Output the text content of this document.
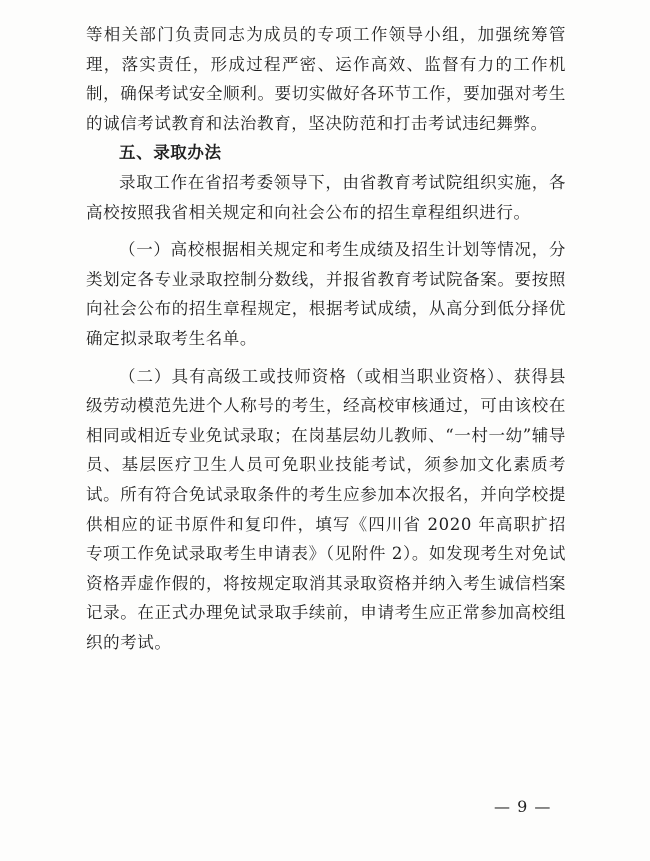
等相关部门负责同志为成员的专项工作领导小组，加强统筹管理，落实责任，形成过程严密、运作高效、监督有力的工作机制，确保考试安全顺利。要切实做好各环节工作，要加强对考生的诚信考试教育和法治教育，坚决防范和打击考试违纪舞弊。

五、录取办法

录取工作在省招考委领导下，由省教育考试院组织实施，各高校按照我省相关规定和向社会公布的招生章程组织进行。

（一）高校根据相关规定和考生成绩及招生计划等情况，分类划定各专业录取控制分数线，并报省教育考试院备案。要按照向社会公布的招生章程规定，根据考试成绩，从高分到低分择优确定拟录取考生名单。

（二）具有高级工或技师资格（或相当职业资格）、获得县级劳动模范先进个人称号的考生，经高校审核通过，可由该校在相同或相近专业免试录取；在岗基层幼儿教师、“一村一幼”辅导员、基层医疗卫生人员可免职业技能考试，须参加文化素质考试。所有符合免试录取条件的考生应参加本次报名，并向学校提供相应的证书原件和复印件，填写《四川省 2020 年高职扩招专项工作免试录取考生申请表》（见附件 2）。如发现考生对免试资格弄虚作假的，将按规定取消其录取资格并纳入考生诚信档案记录。在正式办理免试录取手续前，申请考生应正常参加高校组织的考试。

— 9 —
